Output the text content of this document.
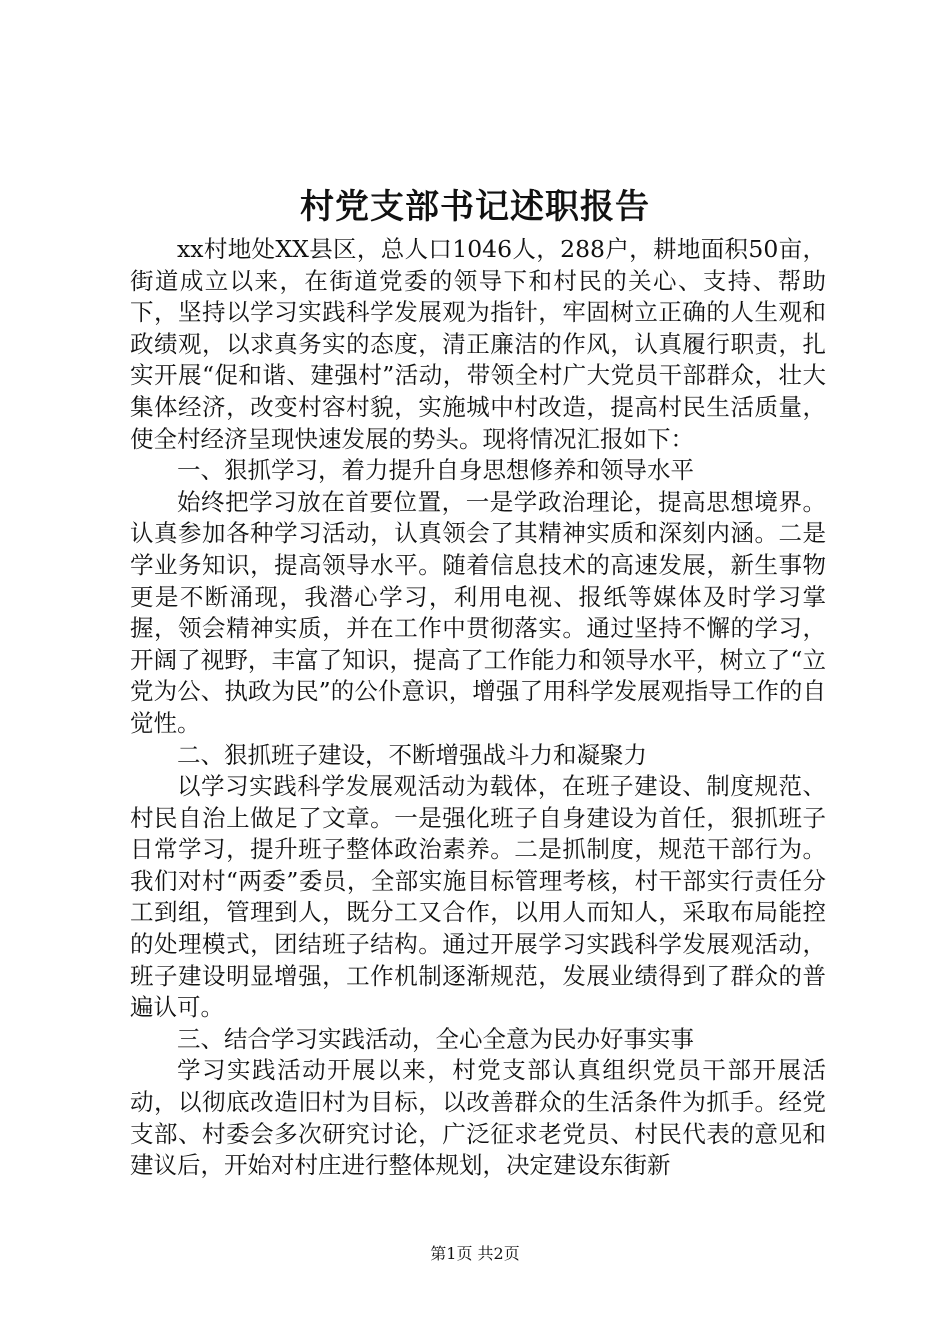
村党支部书记述职报告

xx村地处XX县区，总人口1046人，288户，耕地面积50亩，街道成立以来，在街道党委的领导下和村民的关心、支持、帮助下，坚持以学习实践科学发展观为指针，牢固树立正确的人生观和政绩观，以求真务实的态度，清正廉洁的作风，认真履行职责，扎实开展“促和谐、建强村”活动，带领全村广大党员干部群众，壮大集体经济，改变村容村貌，实施城中村改造，提高村民生活质量，使全村经济呈现快速发展的势头。现将情况汇报如下：

一、狠抓学习，着力提升自身思想修养和领导水平

始终把学习放在首要位置，一是学政治理论，提高思想境界。认真参加各种学习活动，认真领会了其精神实质和深刻内涵。二是学业务知识，提高领导水平。随着信息技术的高速发展，新生事物更是不断涌现，我潜心学习，利用电视、报纸等媒体及时学习掌握，领会精神实质，并在工作中贯彻落实。通过坚持不懈的学习，开阔了视野，丰富了知识，提高了工作能力和领导水平，树立了“立党为公、执政为民”的公仆意识，增强了用科学发展观指导工作的自觉性。

二、狠抓班子建设，不断增强战斗力和凝聚力

以学习实践科学发展观活动为载体，在班子建设、制度规范、村民自治上做足了文章。一是强化班子自身建设为首任，狠抓班子日常学习，提升班子整体政治素养。二是抓制度，规范干部行为。我们对村“两委”委员，全部实施目标管理考核，村干部实行责任分工到组，管理到人，既分工又合作，以用人而知人，采取布局能控的处理模式，团结班子结构。通过开展学习实践科学发展观活动，班子建设明显增强，工作机制逐渐规范，发展业绩得到了群众的普遍认可。

三、结合学习实践活动，全心全意为民办好事实事

学习实践活动开展以来，村党支部认真组织党员干部开展活动，以彻底改造旧村为目标，以改善群众的生活条件为抓手。经党支部、村委会多次研究讨论，广泛征求老党员、村民代表的意见和建议后，开始对村庄进行整体规划，决定建设东街新

第1页 共2页
